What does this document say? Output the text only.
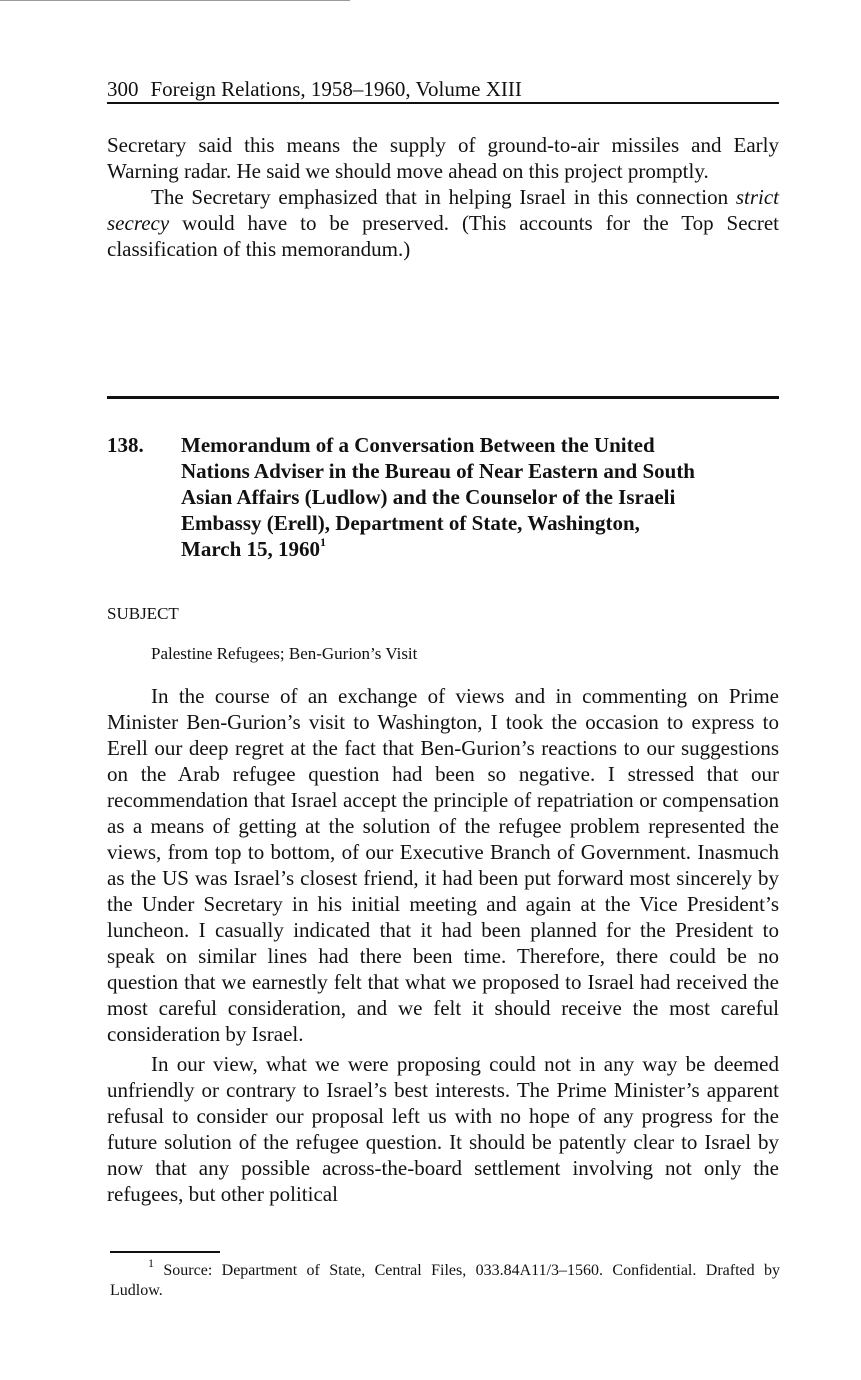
300 Foreign Relations, 1958–1960, Volume XIII

Secretary said this means the supply of ground-to-air missiles and Early Warning radar. He said we should move ahead on this project promptly.

The Secretary emphasized that in helping Israel in this connection strict secrecy would have to be preserved. (This accounts for the Top Secret classification of this memorandum.)

138. Memorandum of a Conversation Between the United
Nations Adviser in the Bureau of Near Eastern and South
Asian Affairs (Ludlow) and the Counselor of the Israeli
Embassy (Erell), Department of State, Washington,
March 15, 1960$^1$
SUBJECT
Palestine Refugees; Ben-Gurion’s Visit

In the course of an exchange of views and in commenting on Prime Minister Ben-Gurion’s visit to Washington, I took the occasion to express to Erell our deep regret at the fact that Ben-Gurion’s reactions to our suggestions on the Arab refugee question had been so negative. I stressed that our recommendation that Israel accept the principle of repatriation or compensation as a means of getting at the solution of the refugee problem represented the views, from top to bottom, of our Executive Branch of Government. Inasmuch as the US was Israel’s closest friend, it had been put forward most sincerely by the Under Secretary in his initial meeting and again at the Vice President’s luncheon. I casually indicated that it had been planned for the President to speak on similar lines had there been time. Therefore, there could be no question that we earnestly felt that what we proposed to Israel had received the most careful consideration, and we felt it should receive the most careful consideration by Israel.

In our view, what we were proposing could not in any way be deemed unfriendly or contrary to Israel’s best interests. The Prime Minister’s apparent refusal to consider our proposal left us with no hope of any progress for the future solution of the refugee question. It should be patently clear to Israel by now that any possible across-the-board settlement involving not only the refugees, but other political

$^1$ Source: Department of State, Central Files, 033.84A11/3–1560. Confidential. Drafted by Ludlow.
